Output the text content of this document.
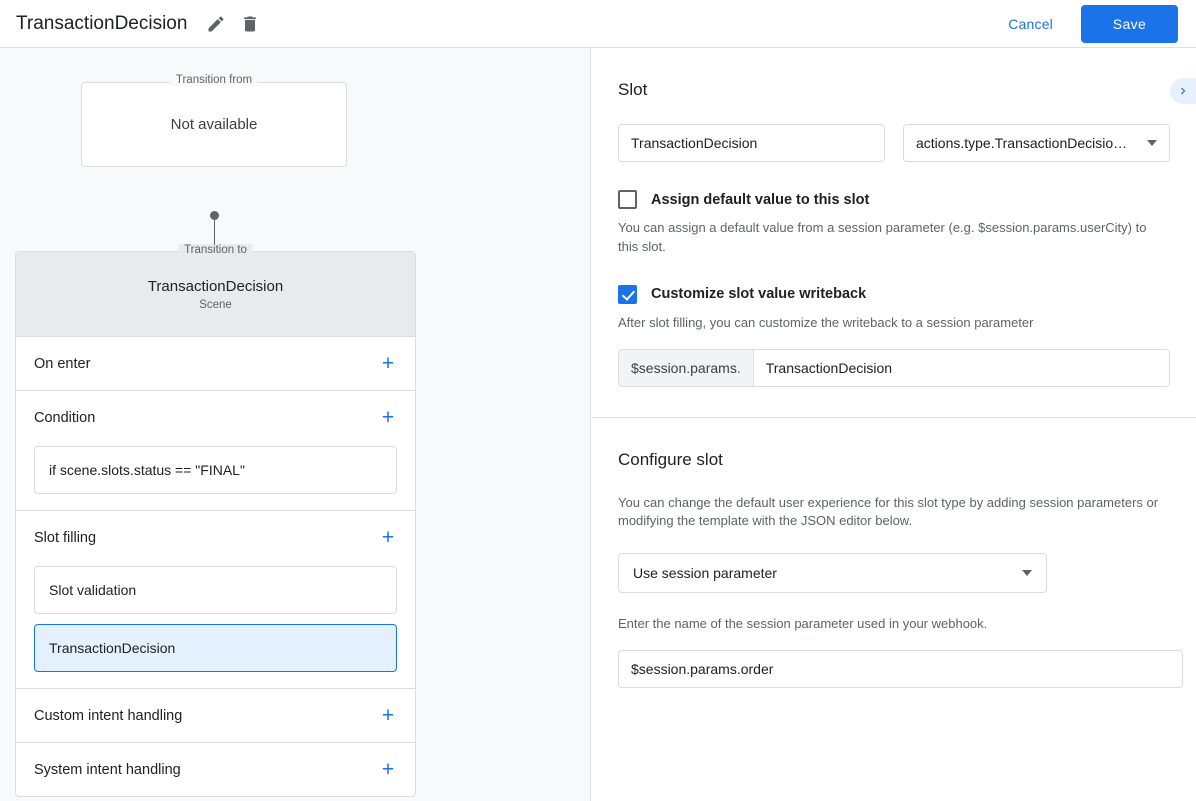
TransactionDecision	Cancel	Save
Transition from
Not available
Transition to
TransactionDecision
Scene
On enter	+
Condition	+
if scene.slots.status == "FINAL"
Slot filling	+
Slot validation
TransactionDecision
Custom intent handling	+
System intent handling	+
Slot
TransactionDecision	actions.type.TransactionDecisio…
Assign default value to this slot
You can assign a default value from a session parameter (e.g. $session.params.userCity) to this slot.
Customize slot value writeback
After slot filling, you can customize the writeback to a session parameter
$session.params.	TransactionDecision
Configure slot
You can change the default user experience for this slot type by adding session parameters or modifying the template with the JSON editor below.
Use session parameter
Enter the name of the session parameter used in your webhook.
$session.params.order
